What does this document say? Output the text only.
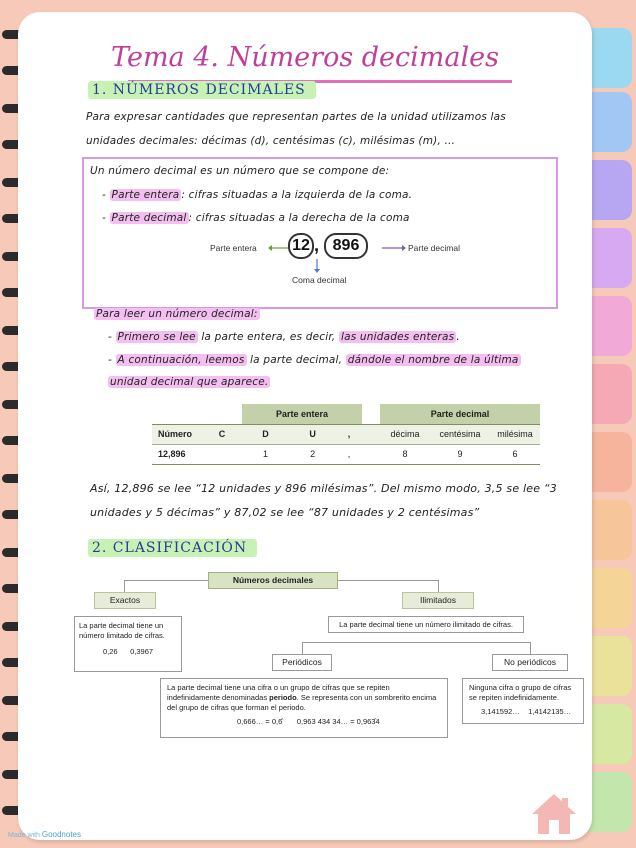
Tema 4. Números decimales
1. NÚMEROS DECIMALES
Para expresar cantidades que representan partes de la unidad utilizamos las
unidades decimales: décimas (d), centésimas (c), milésimas (m), …
Un número decimal es un número que se compone de:
- Parte entera : cifras situadas a la izquierda de la coma.
- Parte decimal : cifras situadas a la derecha de la coma
Parte entera 12 , 896	Parte decimal
Coma decimal
Para leer un número decimal:
- Primero se lee la parte entera, es decir, las unidades enteras .
- A continuación, leemos la parte decimal, dándole el nombre de la última
unidad decimal que aparece.
		Parte entera				Parte decimal		
Número	C	D	U	,		décima	centésima	milésima
12,896		1	2	,		8	9	6
Así, 12,896 se lee “12 unidades y 896 milésimas”. Del mismo modo, 3,5 se lee “3
unidades y 5 décimas” y 87,02 se lee “87 unidades y 2 centésimas”
2. CLASIFICACIÓN
Números decimales
Exactos
La parte decimal tiene un número limitado de cifras.
0,26 0,3967
Ilimitados
La parte decimal tiene un número ilimitado de cifras.
Periódicos
La parte decimal tiene una cifra o un grupo de cifras que se repiten indefinidamente denominadas periodo. Se representa con un sombrerito encima del grupo de cifras que forman el periodo.
0,666… = 0,6̂ 0,963 434 34… = 0,963̂4
No periódicos
Ninguna cifra o grupo de cifras se repiten indefinidamente.
3,141592… 1,4142135…
Made with Goodnotes
